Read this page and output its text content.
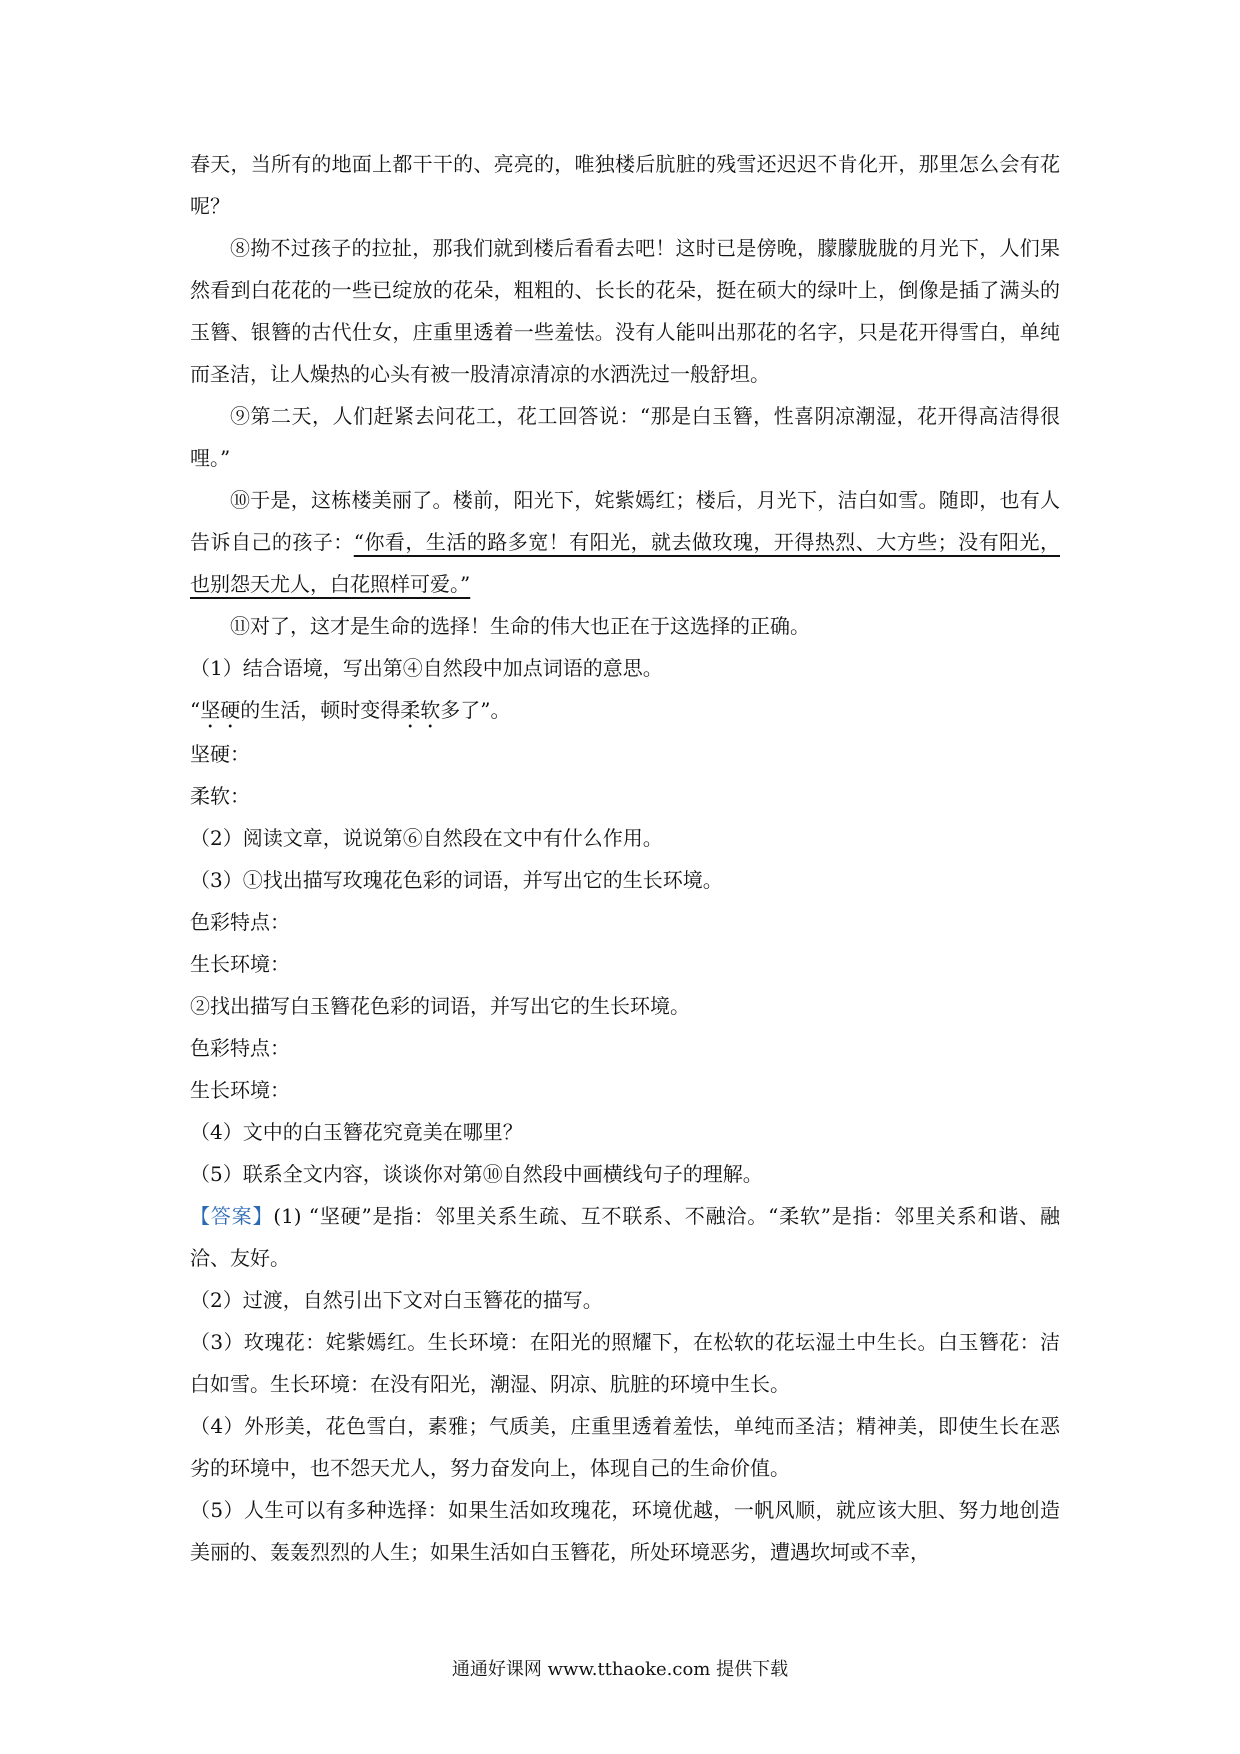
春天，当所有的地面上都干干的、亮亮的，唯独楼后肮脏的残雪还迟迟不肯化开，那里怎么会有花呢？

⑧拗不过孩子的拉扯，那我们就到楼后看看去吧！这时已是傍晚，朦朦胧胧的月光下，人们果然看到白花花的一些已绽放的花朵，粗粗的、长长的花朵，挺在硕大的绿叶上，倒像是插了满头的玉簪、银簪的古代仕女，庄重里透着一些羞怯。没有人能叫出那花的名字，只是花开得雪白，单纯而圣洁，让人燥热的心头有被一股清凉清凉的水洒洗过一般舒坦。

⑨第二天，人们赶紧去问花工，花工回答说：“那是白玉簪，性喜阴凉潮湿，花开得高洁得很哩。”

⑩于是，这栋楼美丽了。楼前，阳光下，姹紫嫣红；楼后，月光下，洁白如雪。随即，也有人告诉自己的孩子：“你看，生活的路多宽！有阳光，就去做玫瑰，开得热烈、大方些；没有阳光，也别怨天尤人，白花照样可爱。”

⑪对了，这才是生命的选择！生命的伟大也正在于这选择的正确。

（1）结合语境，写出第④自然段中加点词语的意思。

“坚硬的生活，顿时变得柔软多了”。

坚硬：

柔软：

（2）阅读文章，说说第⑥自然段在文中有什么作用。

（3）①找出描写玫瑰花色彩的词语，并写出它的生长环境。

色彩特点：

生长环境：

②找出描写白玉簪花色彩的词语，并写出它的生长环境。

色彩特点：

生长环境：

（4）文中的白玉簪花究竟美在哪里？

（5）联系全文内容，谈谈你对第⑩自然段中画横线句子的理解。

【答案】(1) “坚硬”是指：邻里关系生疏、互不联系、不融洽。“柔软”是指：邻里关系和谐、融洽、友好。

（2）过渡，自然引出下文对白玉簪花的描写。

（3）玫瑰花：姹紫嫣红。生长环境：在阳光的照耀下，在松软的花坛湿土中生长。白玉簪花：洁白如雪。生长环境：在没有阳光，潮湿、阴凉、肮脏的环境中生长。

（4）外形美，花色雪白，素雅；气质美，庄重里透着羞怯，单纯而圣洁；精神美，即使生长在恶劣的环境中，也不怨天尤人，努力奋发向上，体现自己的生命价值。

（5）人生可以有多种选择：如果生活如玫瑰花，环境优越，一帆风顺，就应该大胆、努力地创造美丽的、轰轰烈烈的人生；如果生活如白玉簪花，所处环境恶劣，遭遇坎坷或不幸，

通通好课网 www.tthaoke.com 提供下载
